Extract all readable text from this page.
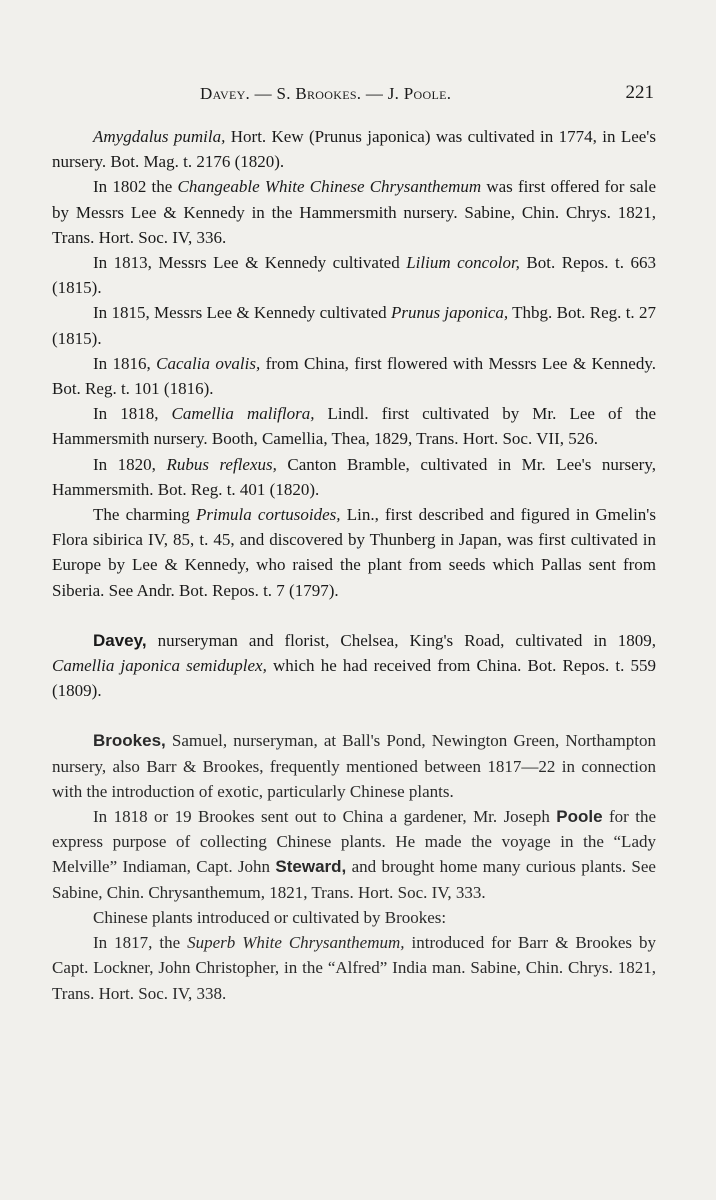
Davey. — S. Brookes. — J. Poole.	221

Amygdalus pumila, Hort. Kew (Prunus japonica) was cultivated in 1774, in Lee's nursery. Bot. Mag. t. 2176 (1820).

In 1802 the Changeable White Chinese Chrysanthemum was first offered for sale by Messrs Lee & Kennedy in the Hammersmith nursery. Sabine, Chin. Chrys. 1821, Trans. Hort. Soc. IV, 336.

In 1813, Messrs Lee & Kennedy cultivated Lilium concolor, Bot. Repos. t. 663 (1815).

In 1815, Messrs Lee & Kennedy cultivated Prunus japonica, Thbg. Bot. Reg. t. 27 (1815).

In 1816, Cacalia ovalis, from China, first flowered with Messrs Lee & Kennedy. Bot. Reg. t. 101 (1816).

In 1818, Camellia maliflora, Lindl. first cultivated by Mr. Lee of the Hammersmith nursery. Booth, Camellia, Thea, 1829, Trans. Hort. Soc. VII, 526.

In 1820, Rubus reflexus, Canton Bramble, cultivated in Mr. Lee's nursery, Hammersmith. Bot. Reg. t. 401 (1820).

The charming Primula cortusoides, Lin., first described and figured in Gmelin's Flora sibirica IV, 85, t. 45, and discovered by Thunberg in Japan, was first cultivated in Europe by Lee & Kennedy, who raised the plant from seeds which Pallas sent from Siberia. See Andr. Bot. Repos. t. 7 (1797).

Davey, nurseryman and florist, Chelsea, King's Road, cultivated in 1809, Camellia japonica semiduplex, which he had received from China. Bot. Repos. t. 559 (1809).

Brookes, Samuel, nurseryman, at Ball's Pond, Newington Green, Northampton nursery, also Barr & Brookes, frequently mentioned between 1817—22 in connection with the introduction of exotic, particularly Chinese plants.

In 1818 or 19 Brookes sent out to China a gardener, Mr. Joseph Poole for the express purpose of collecting Chinese plants. He made the voyage in the “Lady Melville” Indiaman, Capt. John Steward, and brought home many curious plants. See Sabine, Chin. Chrysanthemum, 1821, Trans. Hort. Soc. IV, 333.

Chinese plants introduced or cultivated by Brookes:

In 1817, the Superb White Chrysanthemum, introduced for Barr & Brookes by Capt. Lockner, John Christopher, in the “Alfred” India man. Sabine, Chin. Chrys. 1821, Trans. Hort. Soc. IV, 338.
